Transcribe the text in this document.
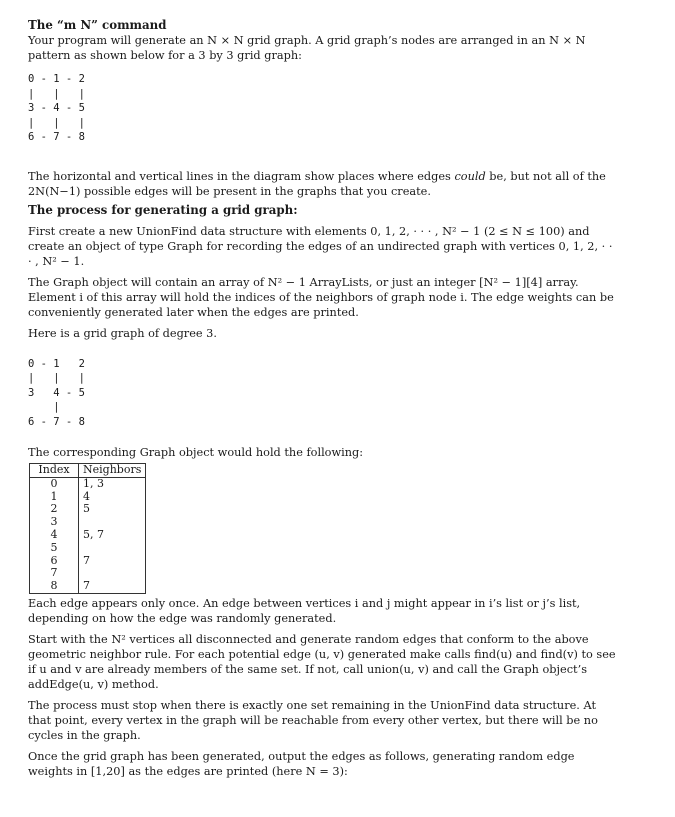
The “m N” command

Your program will generate an N × N grid graph. A grid graph’s nodes are arranged in an N × N pattern as shown below for a 3 by 3 grid graph:

0 - 1 - 2
|   |   |
3 - 4 - 5
|   |   |
6 - 7 - 8

The horizontal and vertical lines in the diagram show places where edges could be, but not all of the 2N(N−1) possible edges will be present in the graphs that you create.

The process for generating a grid graph:

First create a new UnionFind data structure with elements 0, 1, 2, · · · , N² − 1 (2 ≤ N ≤ 100) and create an object of type Graph for recording the edges of an undirected graph with vertices 0, 1, 2, · · · , N² − 1.

The Graph object will contain an array of N² − 1 ArrayLists, or just an integer [N² − 1][4] array. Element i of this array will hold the indices of the neighbors of graph node i. The edge weights can be conveniently generated later when the edges are printed.

Here is a grid graph of degree 3.

0 - 1   2
|   |   |
3   4 - 5
|
6 - 7 - 8

The corresponding Graph object would hold the following:

Index	Neighbors
0	1, 3
1	4
2	5
3	
4	5, 7
5	
6	7
7	
8	7

Each edge appears only once. An edge between vertices i and j might appear in i’s list or j’s list, depending on how the edge was randomly generated.

Start with the N² vertices all disconnected and generate random edges that conform to the above geometric neighbor rule. For each potential edge (u, v) generated make calls find(u) and find(v) to see if u and v are already members of the same set. If not, call union(u, v) and call the Graph object’s addEdge(u, v) method.

The process must stop when there is exactly one set remaining in the UnionFind data structure. At that point, every vertex in the graph will be reachable from every other vertex, but there will be no cycles in the graph.

Once the grid graph has been generated, output the edges as follows, generating random edge weights in [1,20] as the edges are printed (here N = 3):
